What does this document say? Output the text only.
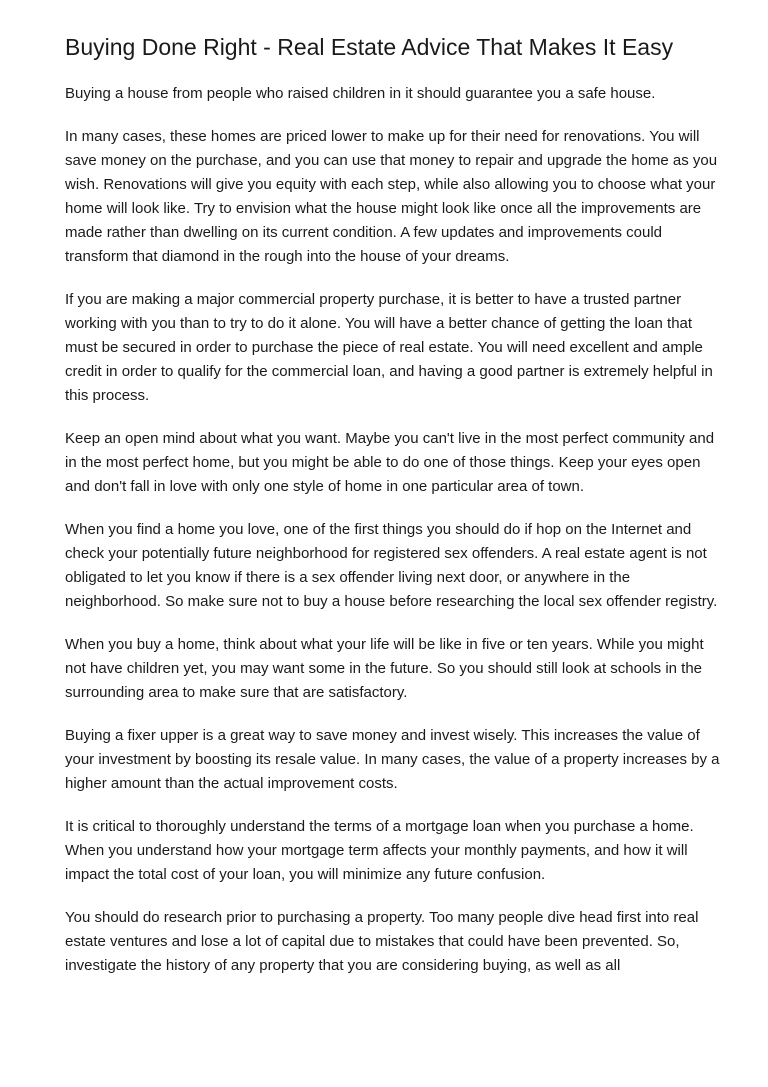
Buying Done Right - Real Estate Advice That Makes It Easy

Buying a house from people who raised children in it should guarantee you a safe house.

In many cases, these homes are priced lower to make up for their need for renovations. You will save money on the purchase, and you can use that money to repair and upgrade the home as you wish. Renovations will give you equity with each step, while also allowing you to choose what your home will look like. Try to envision what the house might look like once all the improvements are made rather than dwelling on its current condition. A few updates and improvements could transform that diamond in the rough into the house of your dreams.

If you are making a major commercial property purchase, it is better to have a trusted partner working with you than to try to do it alone. You will have a better chance of getting the loan that must be secured in order to purchase the piece of real estate. You will need excellent and ample credit in order to qualify for the commercial loan, and having a good partner is extremely helpful in this process.

Keep an open mind about what you want. Maybe you can't live in the most perfect community and in the most perfect home, but you might be able to do one of those things. Keep your eyes open and don't fall in love with only one style of home in one particular area of town.

When you find a home you love, one of the first things you should do if hop on the Internet and check your potentially future neighborhood for registered sex offenders. A real estate agent is not obligated to let you know if there is a sex offender living next door, or anywhere in the neighborhood. So make sure not to buy a house before researching the local sex offender registry.

When you buy a home, think about what your life will be like in five or ten years. While you might not have children yet, you may want some in the future. So you should still look at schools in the surrounding area to make sure that are satisfactory.

Buying a fixer upper is a great way to save money and invest wisely. This increases the value of your investment by boosting its resale value. In many cases, the value of a property increases by a higher amount than the actual improvement costs.

It is critical to thoroughly understand the terms of a mortgage loan when you purchase a home. When you understand how your mortgage term affects your monthly payments, and how it will impact the total cost of your loan, you will minimize any future confusion.

You should do research prior to purchasing a property. Too many people dive head first into real estate ventures and lose a lot of capital due to mistakes that could have been prevented. So, investigate the history of any property that you are considering buying, as well as all
